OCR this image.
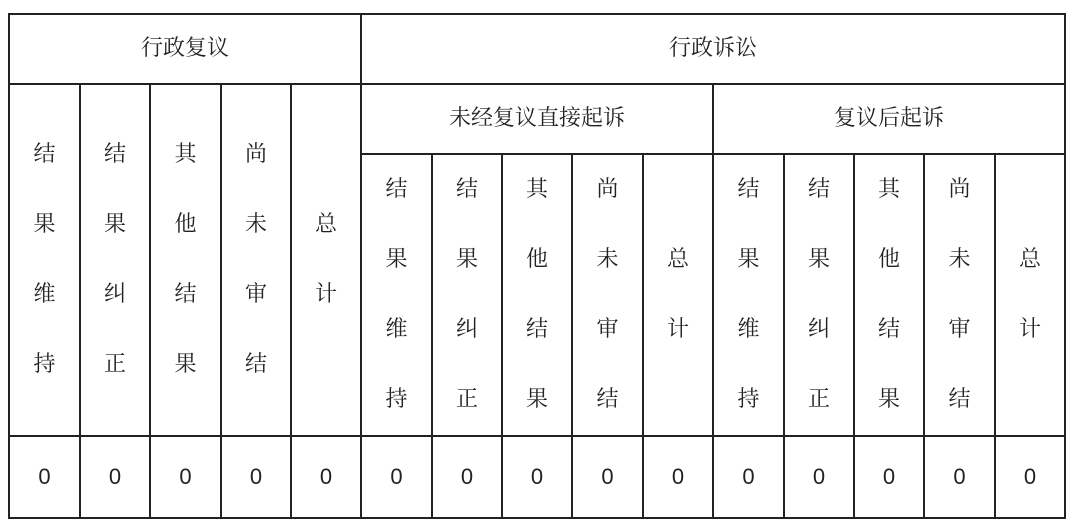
行政复议					行政诉讼									
结果维持	结果纠正	其他结果	尚未审结	总计	未经复议直接起诉					复议后起诉				
					结果维持	结果纠正	其他结果	尚未审结	总计	结果维持	结果纠正	其他结果	尚未审结	总计
0	0	0	0	0	0	0	0	0	0	0	0	0	0	0
